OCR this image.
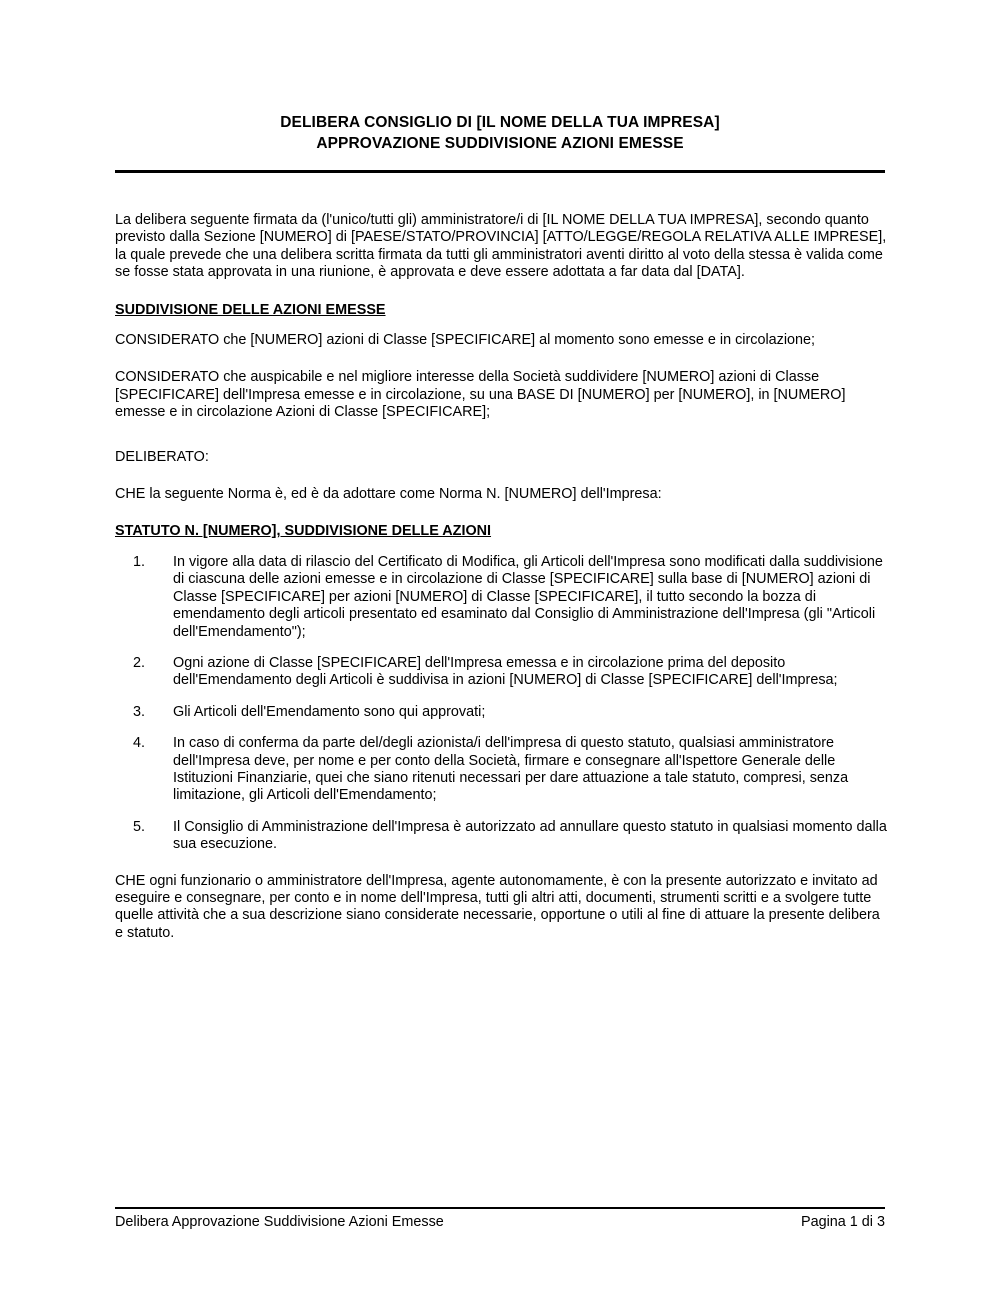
DELIBERA CONSIGLIO DI [IL NOME DELLA TUA IMPRESA]
APPROVAZIONE SUDDIVISIONE AZIONI EMESSE

La delibera seguente firmata da (l'unico/tutti gli) amministratore/i di [IL NOME DELLA TUA IMPRESA], secondo quanto previsto dalla Sezione [NUMERO] di [PAESE/STATO/PROVINCIA] [ATTO/LEGGE/REGOLA RELATIVA ALLE IMPRESE], la quale prevede che una delibera scritta firmata da tutti gli amministratori aventi diritto al voto della stessa è valida come se fosse stata approvata in una riunione, è approvata e deve essere adottata a far data dal [DATA].

SUDDIVISIONE DELLE AZIONI EMESSE

CONSIDERATO che [NUMERO] azioni di Classe [SPECIFICARE] al momento sono emesse e in circolazione;

CONSIDERATO che auspicabile e nel migliore interesse della Società suddividere [NUMERO] azioni di Classe [SPECIFICARE] dell'Impresa emesse e in circolazione, su una BASE DI [NUMERO] per [NUMERO], in [NUMERO] emesse e in circolazione Azioni di Classe [SPECIFICARE];

DELIBERATO:

CHE la seguente Norma è, ed è da adottare come Norma N. [NUMERO] dell'Impresa:

STATUTO N. [NUMERO], SUDDIVISIONE DELLE AZIONI

1.	In vigore alla data di rilascio del Certificato di Modifica, gli Articoli dell'Impresa sono modificati dalla suddivisione di ciascuna delle azioni emesse e in circolazione di Classe [SPECIFICARE] sulla base di [NUMERO] azioni di Classe [SPECIFICARE] per azioni [NUMERO] di Classe [SPECIFICARE], il tutto secondo la bozza di emendamento degli articoli presentato ed esaminato dal Consiglio di Amministrazione dell'Impresa (gli "Articoli dell'Emendamento");
2.	Ogni azione di Classe [SPECIFICARE] dell'Impresa emessa e in circolazione prima del deposito dell'Emendamento degli Articoli è suddivisa in azioni [NUMERO] di Classe [SPECIFICARE] dell'Impresa;
3.	Gli Articoli dell'Emendamento sono qui approvati;
4.	In caso di conferma da parte del/degli azionista/i dell'impresa di questo statuto, qualsiasi amministratore dell'Impresa deve, per nome e per conto della Società, firmare e consegnare all'Ispettore Generale delle Istituzioni Finanziarie, quei che siano ritenuti necessari per dare attuazione a tale statuto, compresi, senza limitazione, gli Articoli dell'Emendamento;
5.	Il Consiglio di Amministrazione dell'Impresa è autorizzato ad annullare questo statuto in qualsiasi momento dalla sua esecuzione.

CHE ogni funzionario o amministratore dell'Impresa, agente autonomamente, è con la presente autorizzato e invitato ad eseguire e consegnare, per conto e in nome dell'Impresa, tutti gli altri atti, documenti, strumenti scritti e a svolgere tutte quelle attività che a sua descrizione siano considerate necessarie, opportune o utili al fine di attuare la presente delibera e statuto.

Delibera Approvazione Suddivisione Azioni Emesse	Pagina 1 di 3
